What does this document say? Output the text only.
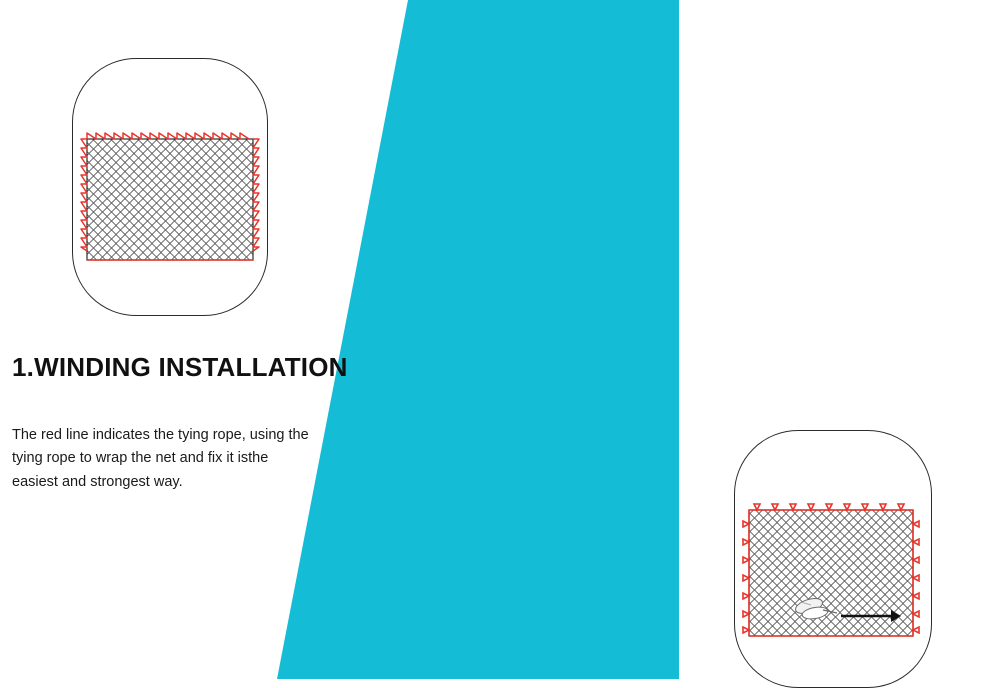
1.WINDING INSTALLATION
The red line indicates the tying rope, using the tying rope to wrap the net and fix it isthe easiest and strongest way.
2.EXPANSION HOOK INSTALLATION
The red line indlicates the expansion hook,this way is widely It is suitable for all kinds of concrete and wooden piles.
